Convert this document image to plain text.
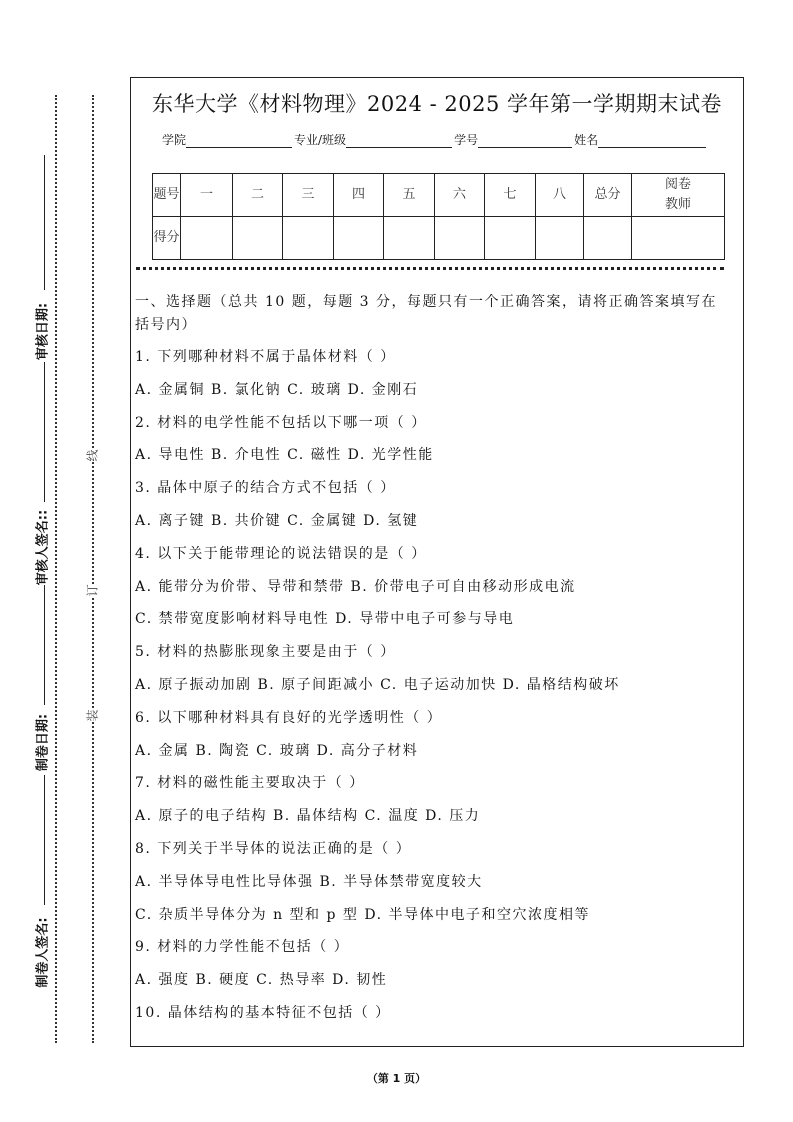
审核日期:
审核人签名::
制卷日期:
制卷人签名:
线
订
装
东华大学《材料物理》2024 - 2025 学年第一学期期末试卷
学院	专业/班级	学号	姓名
题号	一	二	三	四	五	六	七	八	总分	阅卷教师
得分										
一、选择题（总共 10 题，每题 3 分，每题只有一个正确答案，请将正确答案填写在
括号内）
1. 下列哪种材料不属于晶体材料（ ）
A. 金属铜 B. 氯化钠 C. 玻璃 D. 金刚石
2. 材料的电学性能不包括以下哪一项（ ）
A. 导电性 B. 介电性 C. 磁性 D. 光学性能
3. 晶体中原子的结合方式不包括（ ）
A. 离子键 B. 共价键 C. 金属键 D. 氢键
4. 以下关于能带理论的说法错误的是（ ）
A. 能带分为价带、导带和禁带 B. 价带电子可自由移动形成电流
C. 禁带宽度影响材料导电性 D. 导带中电子可参与导电
5. 材料的热膨胀现象主要是由于（ ）
A. 原子振动加剧 B. 原子间距减小 C. 电子运动加快 D. 晶格结构破坏
6. 以下哪种材料具有良好的光学透明性（ ）
A. 金属 B. 陶瓷 C. 玻璃 D. 高分子材料
7. 材料的磁性能主要取决于（ ）
A. 原子的电子结构 B. 晶体结构 C. 温度 D. 压力
8. 下列关于半导体的说法正确的是（ ）
A. 半导体导电性比导体强 B. 半导体禁带宽度较大
C. 杂质半导体分为 n 型和 p 型 D. 半导体中电子和空穴浓度相等
9. 材料的力学性能不包括（ ）
A. 强度 B. 硬度 C. 热导率 D. 韧性
10. 晶体结构的基本特征不包括（ ）
（第 1 页）
